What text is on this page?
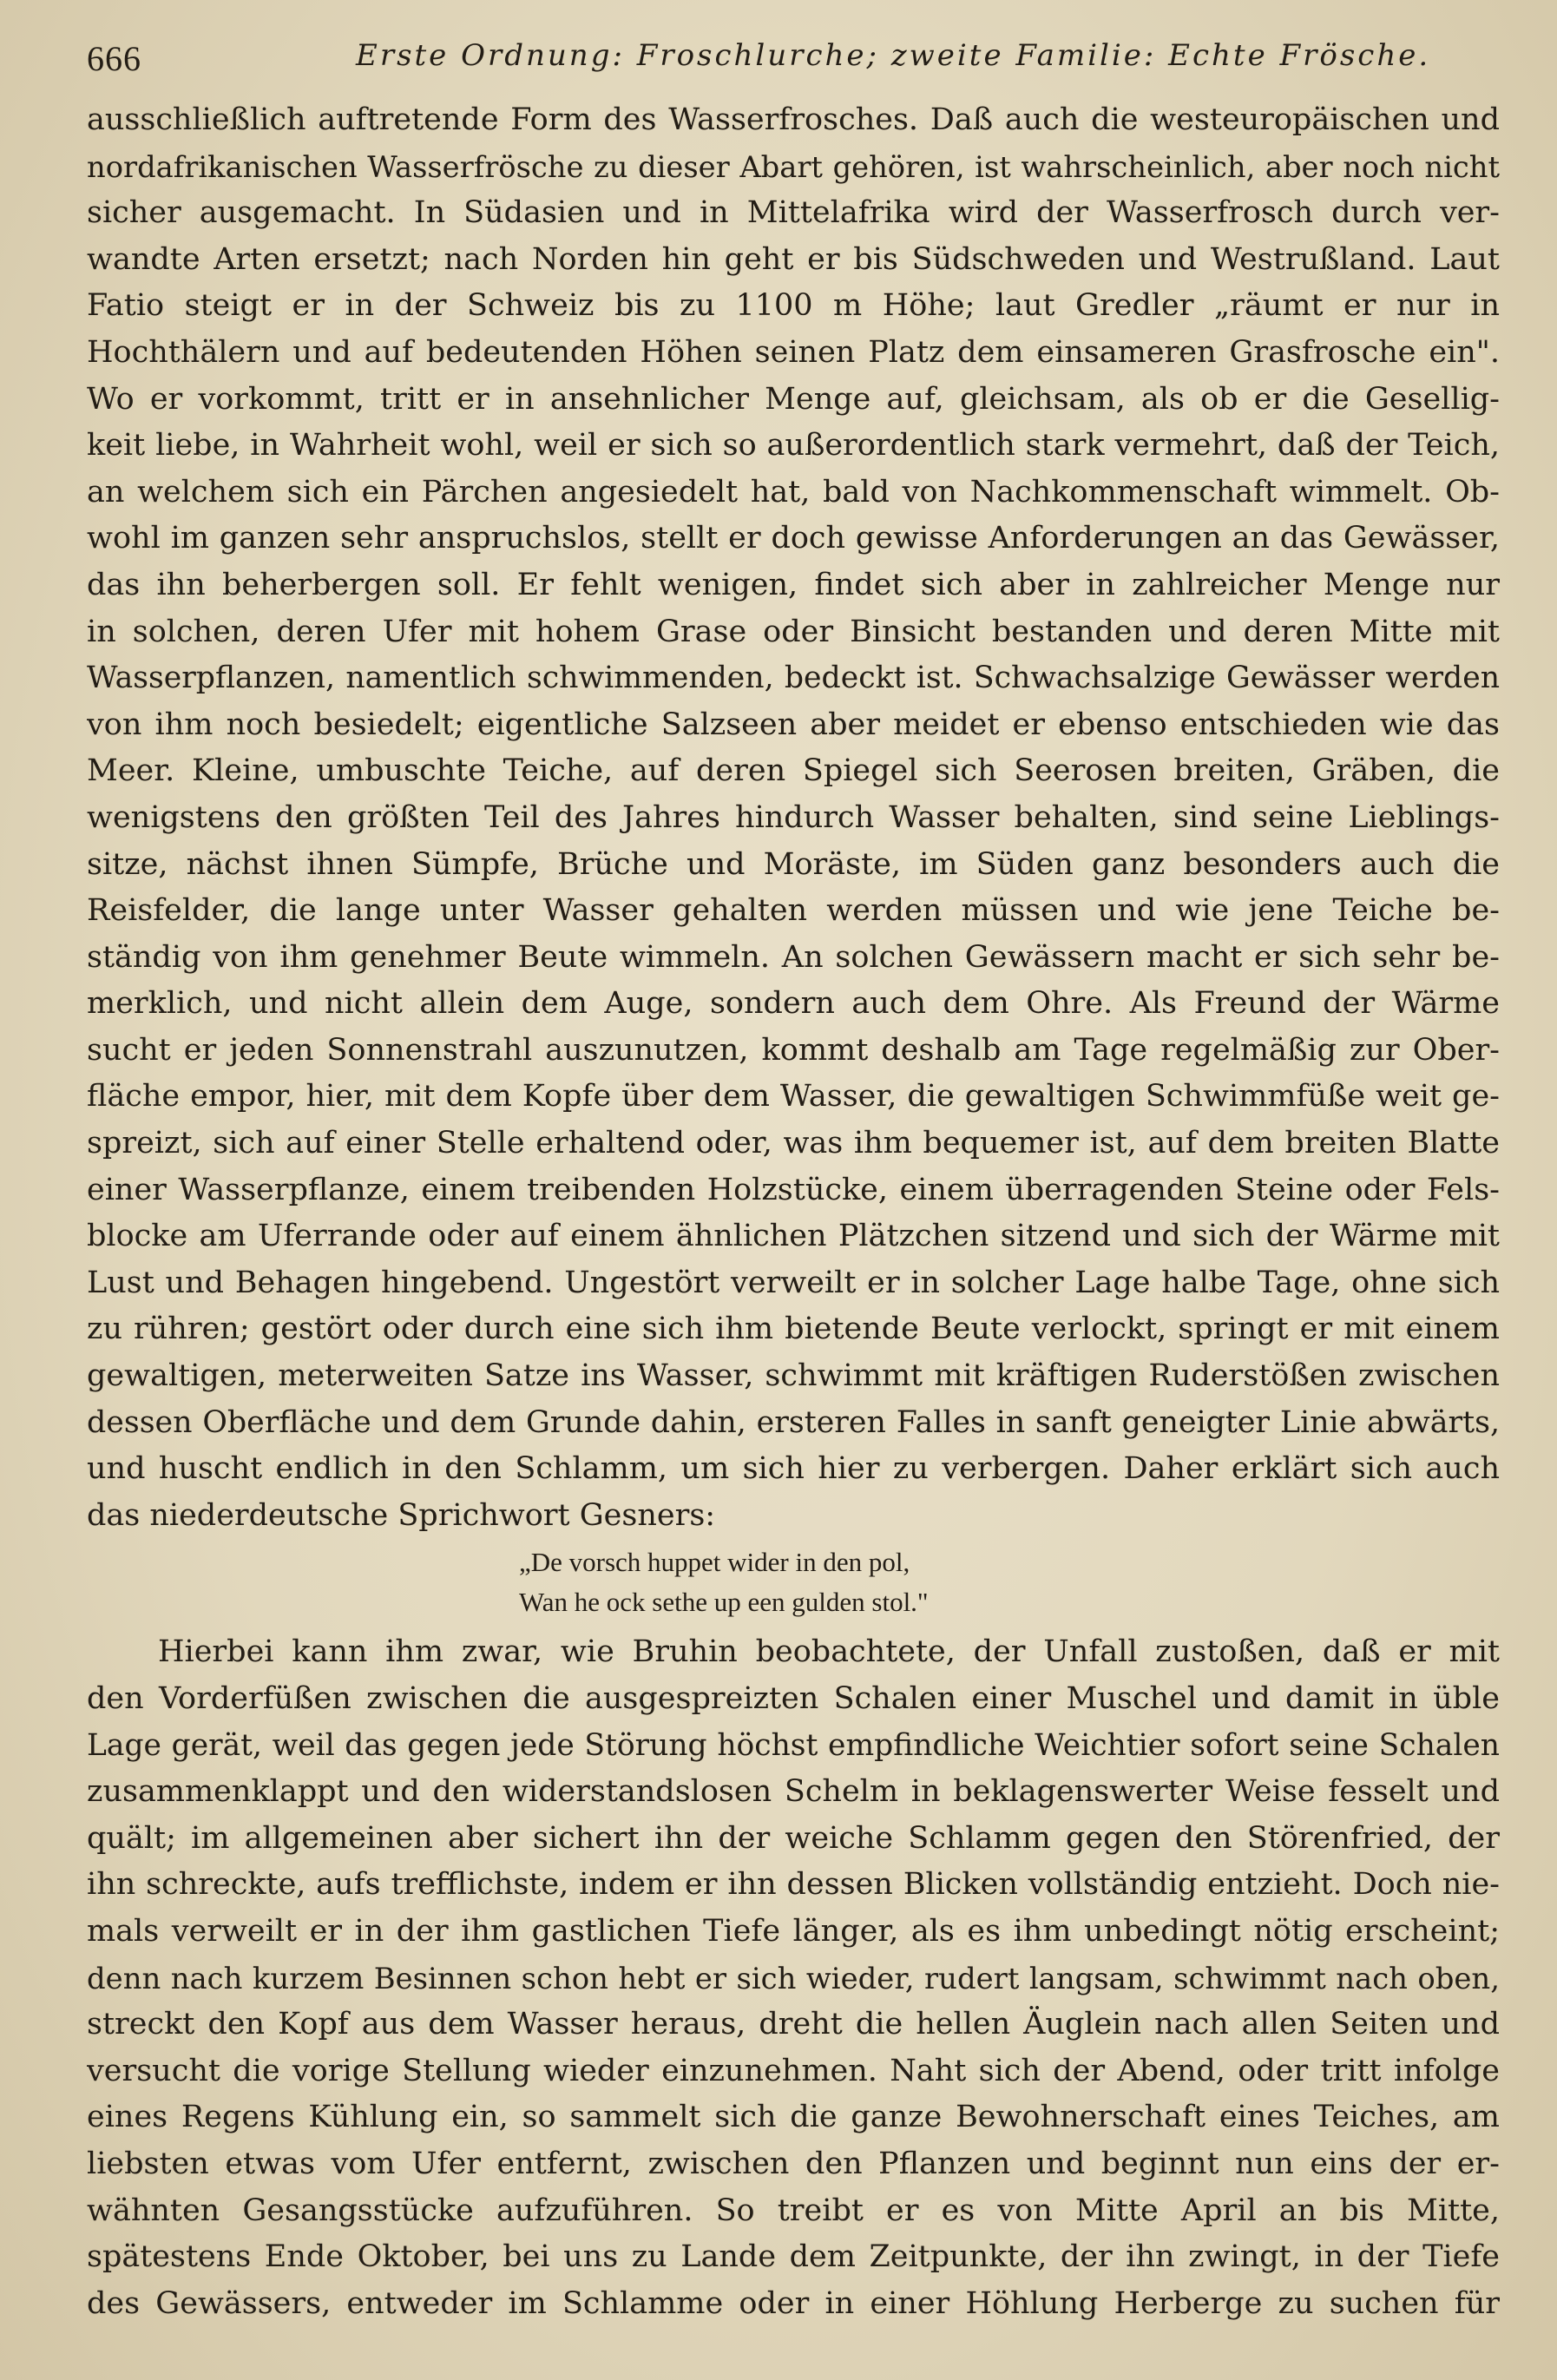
666	Erste Ordnung: Froschlurche; zweite Familie: Echte Frösche.
ausschließlich auftretende Form des Wasserfrosches. Daß auch die westeuropäischen und
nordafrikanischen Wasserfrösche zu dieser Abart gehören, ist wahrscheinlich, aber noch nicht
sicher ausgemacht. In Südasien und in Mittelafrika wird der Wasserfrosch durch ver-
wandte Arten ersetzt; nach Norden hin geht er bis Südschweden und Westrußland. Laut
Fatio steigt er in der Schweiz bis zu 1100 m Höhe; laut Gredler „räumt er nur in
Hochthälern und auf bedeutenden Höhen seinen Platz dem einsameren Grasfrosche ein".
Wo er vorkommt, tritt er in ansehnlicher Menge auf, gleichsam, als ob er die Gesellig-
keit liebe, in Wahrheit wohl, weil er sich so außerordentlich stark vermehrt, daß der Teich,
an welchem sich ein Pärchen angesiedelt hat, bald von Nachkommenschaft wimmelt. Ob-
wohl im ganzen sehr anspruchslos, stellt er doch gewisse Anforderungen an das Gewässer,
das ihn beherbergen soll. Er fehlt wenigen, findet sich aber in zahlreicher Menge nur
in solchen, deren Ufer mit hohem Grase oder Binsicht bestanden und deren Mitte mit
Wasserpflanzen, namentlich schwimmenden, bedeckt ist. Schwachsalzige Gewässer werden
von ihm noch besiedelt; eigentliche Salzseen aber meidet er ebenso entschieden wie das
Meer. Kleine, umbuschte Teiche, auf deren Spiegel sich Seerosen breiten, Gräben, die
wenigstens den größten Teil des Jahres hindurch Wasser behalten, sind seine Lieblings-
sitze, nächst ihnen Sümpfe, Brüche und Moräste, im Süden ganz besonders auch die
Reisfelder, die lange unter Wasser gehalten werden müssen und wie jene Teiche be-
ständig von ihm genehmer Beute wimmeln. An solchen Gewässern macht er sich sehr be-
merklich, und nicht allein dem Auge, sondern auch dem Ohre. Als Freund der Wärme
sucht er jeden Sonnenstrahl auszunutzen, kommt deshalb am Tage regelmäßig zur Ober-
fläche empor, hier, mit dem Kopfe über dem Wasser, die gewaltigen Schwimmfüße weit ge-
spreizt, sich auf einer Stelle erhaltend oder, was ihm bequemer ist, auf dem breiten Blatte
einer Wasserpflanze, einem treibenden Holzstücke, einem überragenden Steine oder Fels-
blocke am Uferrande oder auf einem ähnlichen Plätzchen sitzend und sich der Wärme mit
Lust und Behagen hingebend. Ungestört verweilt er in solcher Lage halbe Tage, ohne sich
zu rühren; gestört oder durch eine sich ihm bietende Beute verlockt, springt er mit einem
gewaltigen, meterweiten Satze ins Wasser, schwimmt mit kräftigen Ruderstößen zwischen
dessen Oberfläche und dem Grunde dahin, ersteren Falles in sanft geneigter Linie abwärts,
und huscht endlich in den Schlamm, um sich hier zu verbergen. Daher erklärt sich auch
das niederdeutsche Sprichwort Gesners:
„De vorsch huppet wider in den pol,
Wan he ock sethe up een gulden stol."
Hierbei kann ihm zwar, wie Bruhin beobachtete, der Unfall zustoßen, daß er mit
den Vorderfüßen zwischen die ausgespreizten Schalen einer Muschel und damit in üble
Lage gerät, weil das gegen jede Störung höchst empfindliche Weichtier sofort seine Schalen
zusammenklappt und den widerstandslosen Schelm in beklagenswerter Weise fesselt und
quält; im allgemeinen aber sichert ihn der weiche Schlamm gegen den Störenfried, der
ihn schreckte, aufs trefflichste, indem er ihn dessen Blicken vollständig entzieht. Doch nie-
mals verweilt er in der ihm gastlichen Tiefe länger, als es ihm unbedingt nötig erscheint;
denn nach kurzem Besinnen schon hebt er sich wieder, rudert langsam, schwimmt nach oben,
streckt den Kopf aus dem Wasser heraus, dreht die hellen Äuglein nach allen Seiten und
versucht die vorige Stellung wieder einzunehmen. Naht sich der Abend, oder tritt infolge
eines Regens Kühlung ein, so sammelt sich die ganze Bewohnerschaft eines Teiches, am
liebsten etwas vom Ufer entfernt, zwischen den Pflanzen und beginnt nun eins der er-
wähnten Gesangsstücke aufzuführen. So treibt er es von Mitte April an bis Mitte,
spätestens Ende Oktober, bei uns zu Lande dem Zeitpunkte, der ihn zwingt, in der Tiefe
des Gewässers, entweder im Schlamme oder in einer Höhlung Herberge zu suchen für
